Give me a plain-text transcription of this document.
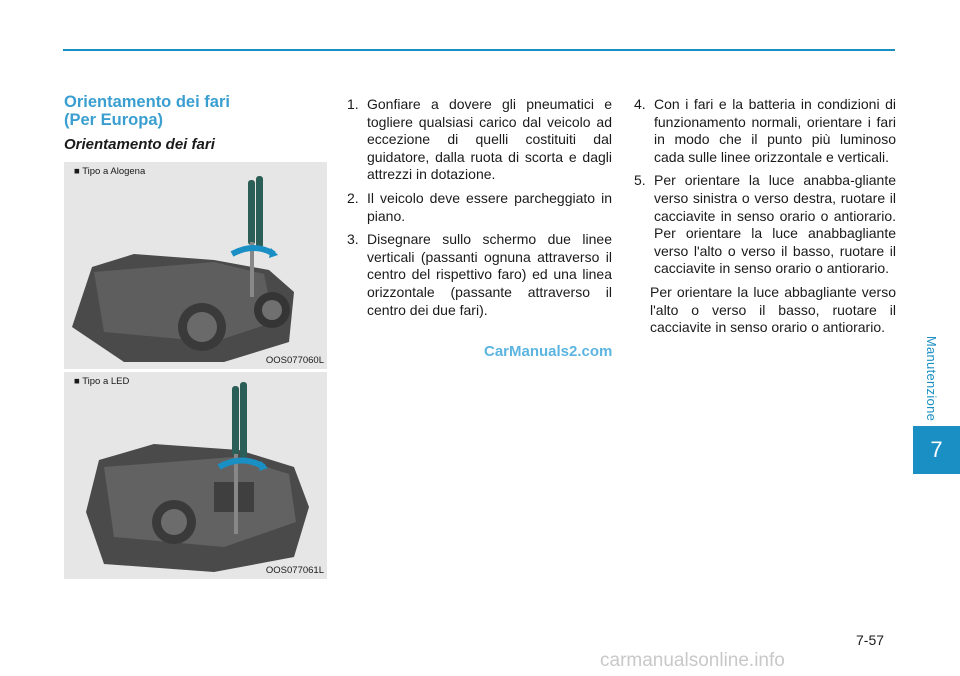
Manutenzione
7
Orientamento dei fari
(Per Europa)
Orientamento dei fari
■ Tipo a Alogena
OOS077060L
■ Tipo a LED
OOS077061L
1. Gonfiare a dovere gli pneumatici e togliere qualsiasi carico dal veicolo ad eccezione di quelli costituiti dal guidatore, dalla ruota di scorta e dagli attrezzi in dotazione.
2. Il veicolo deve essere parcheggiato in piano.
3. Disegnare sullo schermo due linee verticali (passanti ognuna attraverso il centro del rispettivo faro) ed una linea orizzontale (passante attraverso il centro dei due fari).
4. Con i fari e la batteria in condizioni di funzionamento normali, orientare i fari in modo che il punto più luminoso cada sulle linee orizzontale e verticali.
5. Per orientare la luce anabba-gliante verso sinistra o verso destra, ruotare il cacciavite in senso orario o antiorario. Per orientare la luce anabbagliante verso l'alto o verso il basso, ruotare il cacciavite in senso orario o antiorario.
Per orientare la luce abbagliante verso l'alto o verso il basso, ruotare il cacciavite in senso orario o antiorario.
CarManuals2.com
7-57
carmanualsonline.info
